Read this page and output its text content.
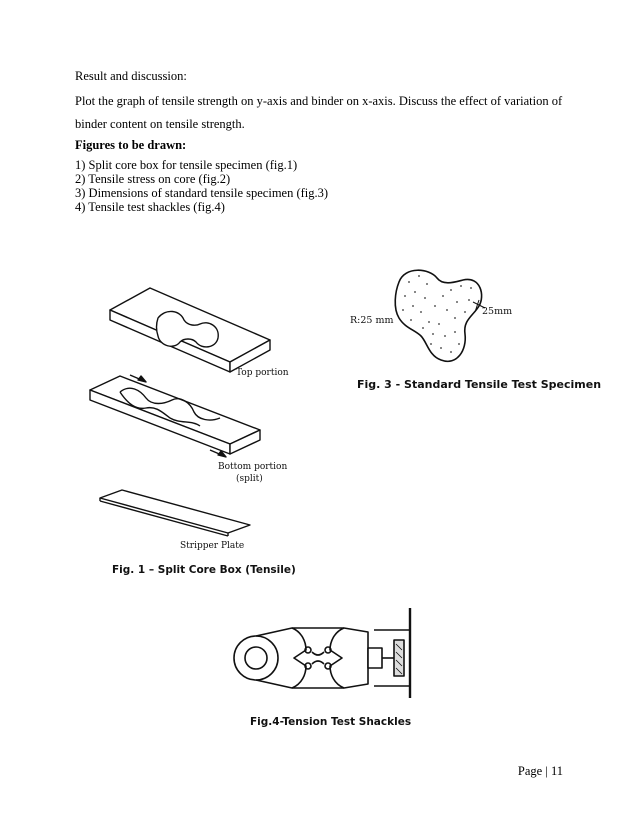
Result and discussion:
Plot the graph of tensile strength on y-axis and binder on x-axis. Discuss the effect of variation of
binder content on tensile strength.
Figures to be drawn:
1) Split core box for tensile specimen (fig.1)
2) Tensile stress on core (fig.2)
3) Dimensions of standard tensile specimen (fig.3)
4) Tensile test shackles (fig.4)
Top portion
Bottom portion
(split)
Stripper Plate
Fig. 1 – Split Core Box (Tensile)
R:25 mm
25mm
Fig. 3 - Standard Tensile Test Specimen
Fig.4-Tension Test Shackles
Page | 11
